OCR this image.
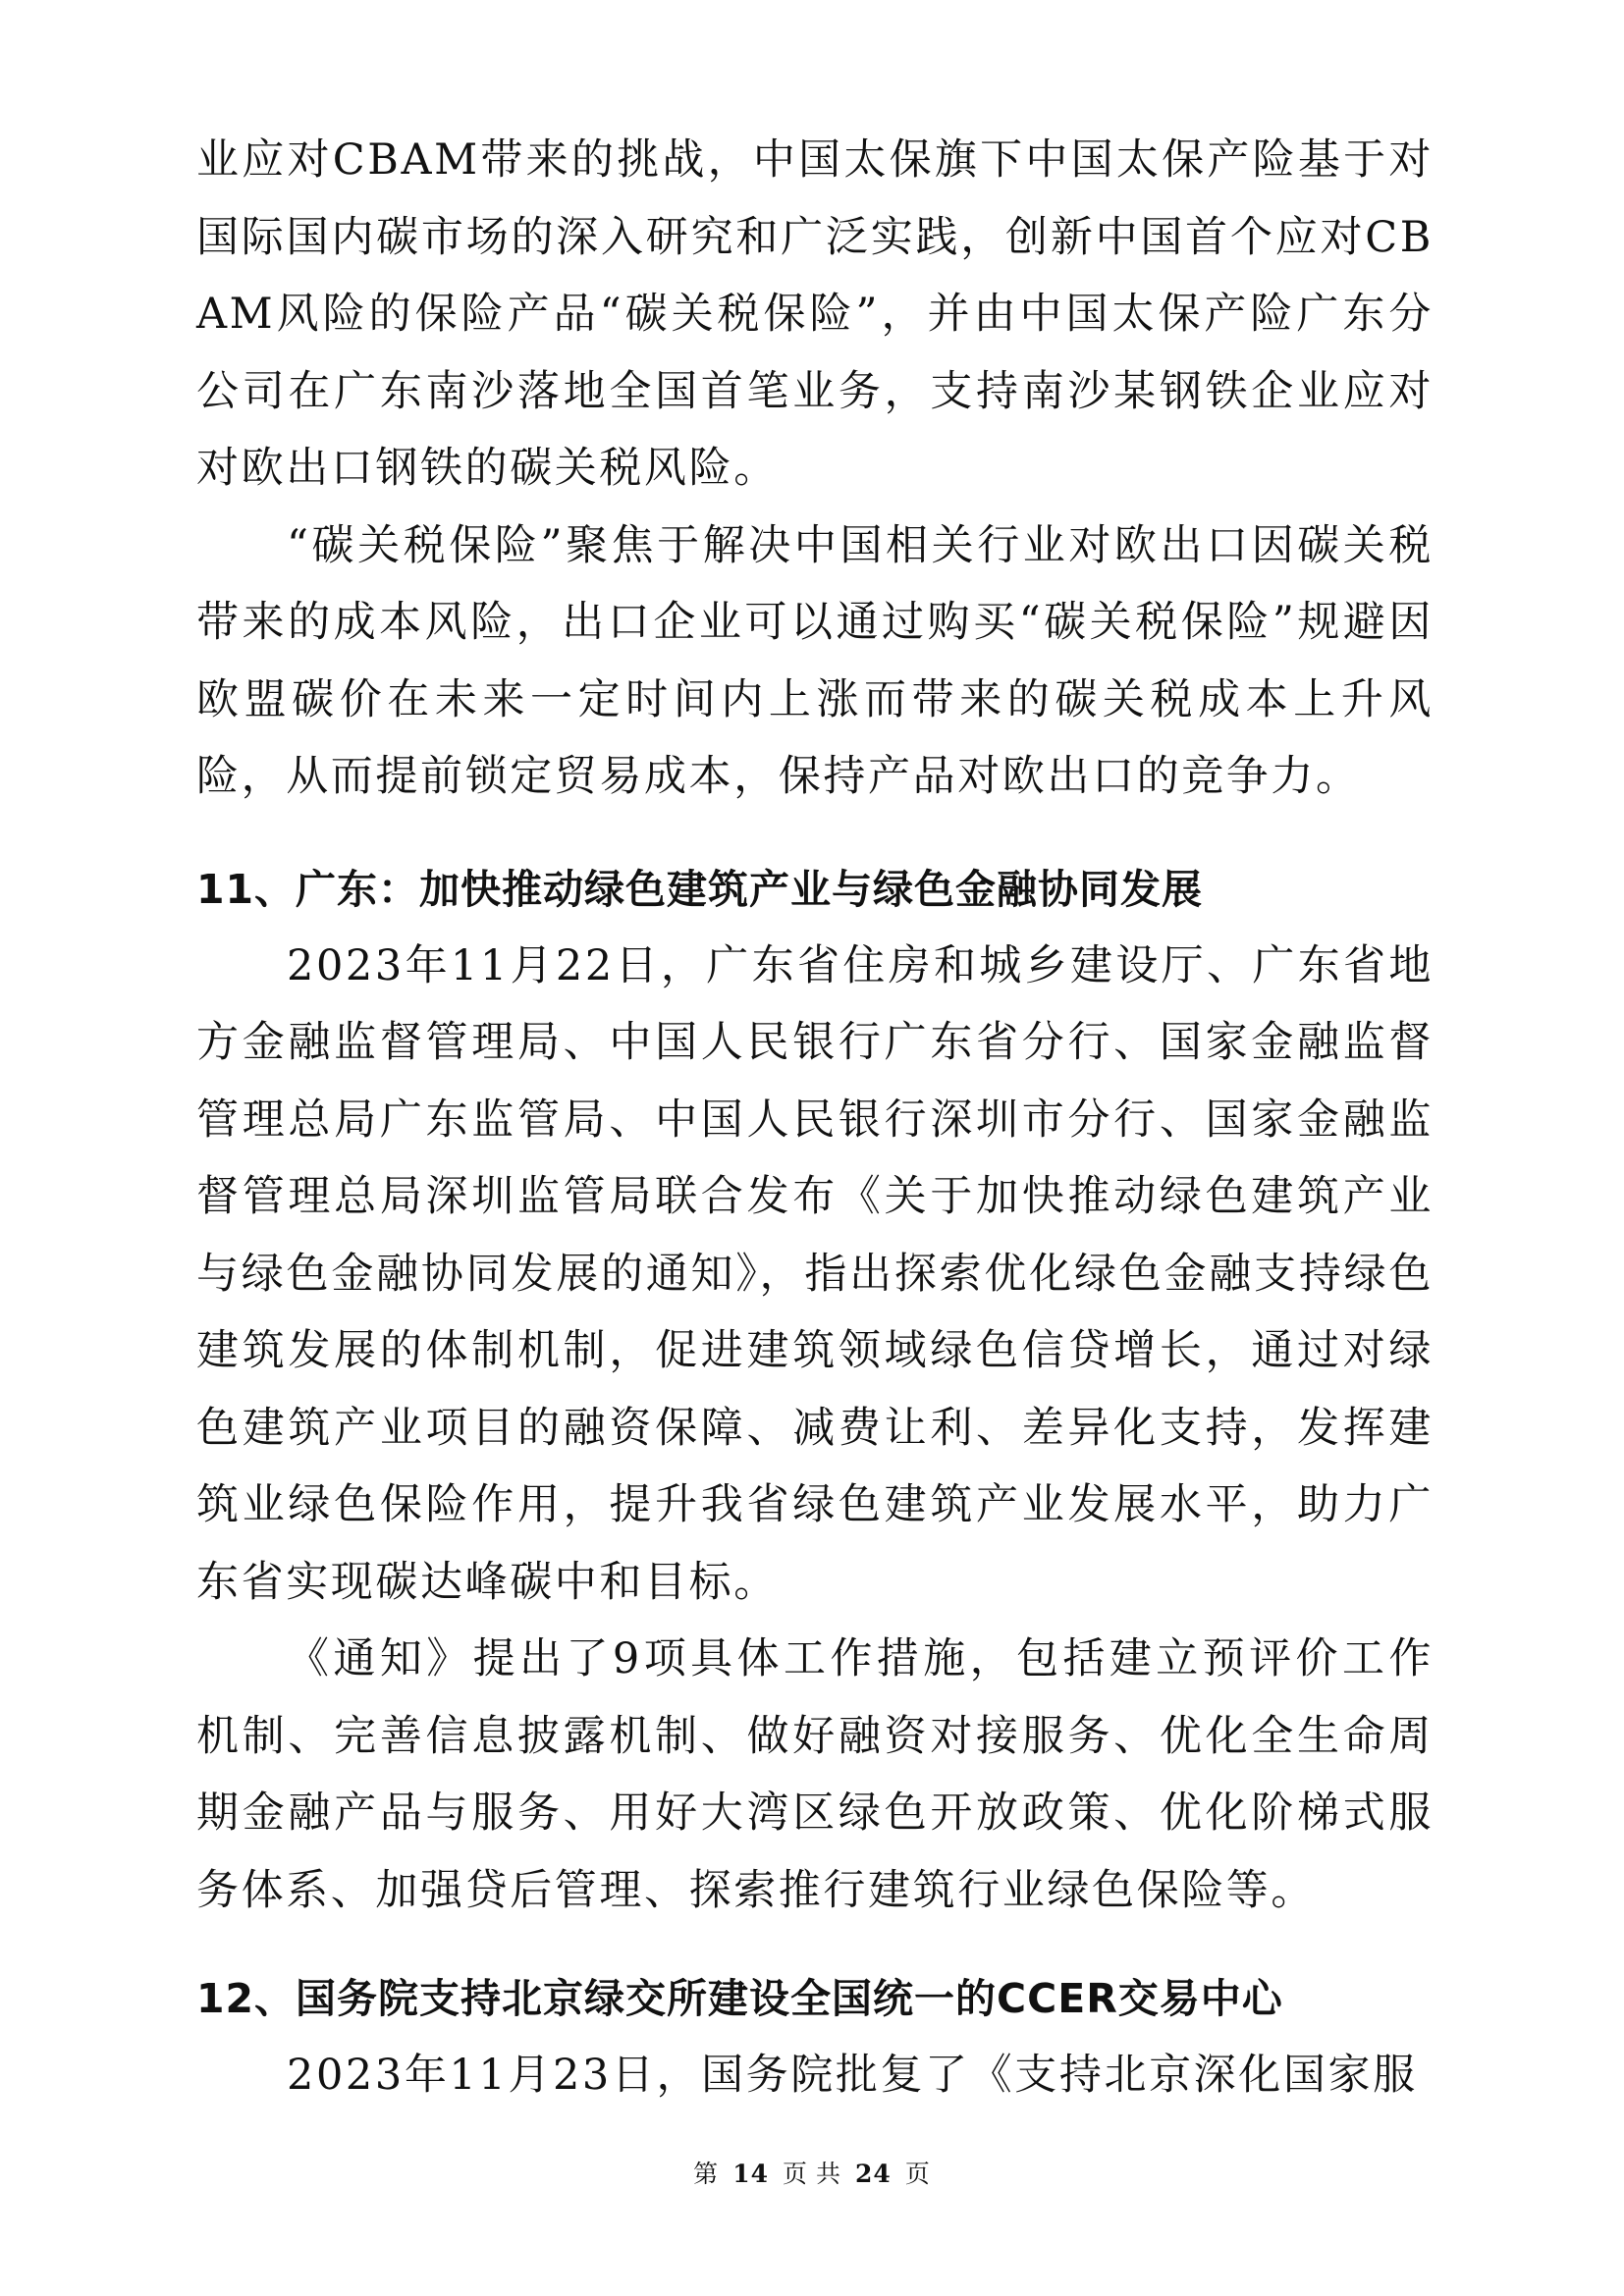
业应对CBAM带来的挑战，中国太保旗下中国太保产险基于对国际国内碳市场的深入研究和广泛实践，创新中国首个应对CBAM风险的保险产品“碳关税保险”，并由中国太保产险广东分公司在广东南沙落地全国首笔业务，支持南沙某钢铁企业应对对欧出口钢铁的碳关税风险。

“碳关税保险”聚焦于解决中国相关行业对欧出口因碳关税带来的成本风险，出口企业可以通过购买“碳关税保险”规避因欧盟碳价在未来一定时间内上涨而带来的碳关税成本上升风险，从而提前锁定贸易成本，保持产品对欧出口的竞争力。

11、广东：加快推动绿色建筑产业与绿色金融协同发展

2023年11月22日，广东省住房和城乡建设厅、广东省地方金融监督管理局、中国人民银行广东省分行、国家金融监督管理总局广东监管局、中国人民银行深圳市分行、国家金融监督管理总局深圳监管局联合发布《关于加快推动绿色建筑产业与绿色金融协同发展的通知》，指出探索优化绿色金融支持绿色建筑发展的体制机制，促进建筑领域绿色信贷增长，通过对绿色建筑产业项目的融资保障、减费让利、差异化支持，发挥建筑业绿色保险作用，提升我省绿色建筑产业发展水平，助力广东省实现碳达峰碳中和目标。

《通知》提出了9项具体工作措施，包括建立预评价工作机制、完善信息披露机制、做好融资对接服务、优化全生命周期金融产品与服务、用好大湾区绿色开放政策、优化阶梯式服务体系、加强贷后管理、探索推行建筑行业绿色保险等。

12、国务院支持北京绿交所建设全国统一的CCER交易中心

2023年11月23日，国务院批复了《支持北京深化国家服

第 14 页 共 24 页
